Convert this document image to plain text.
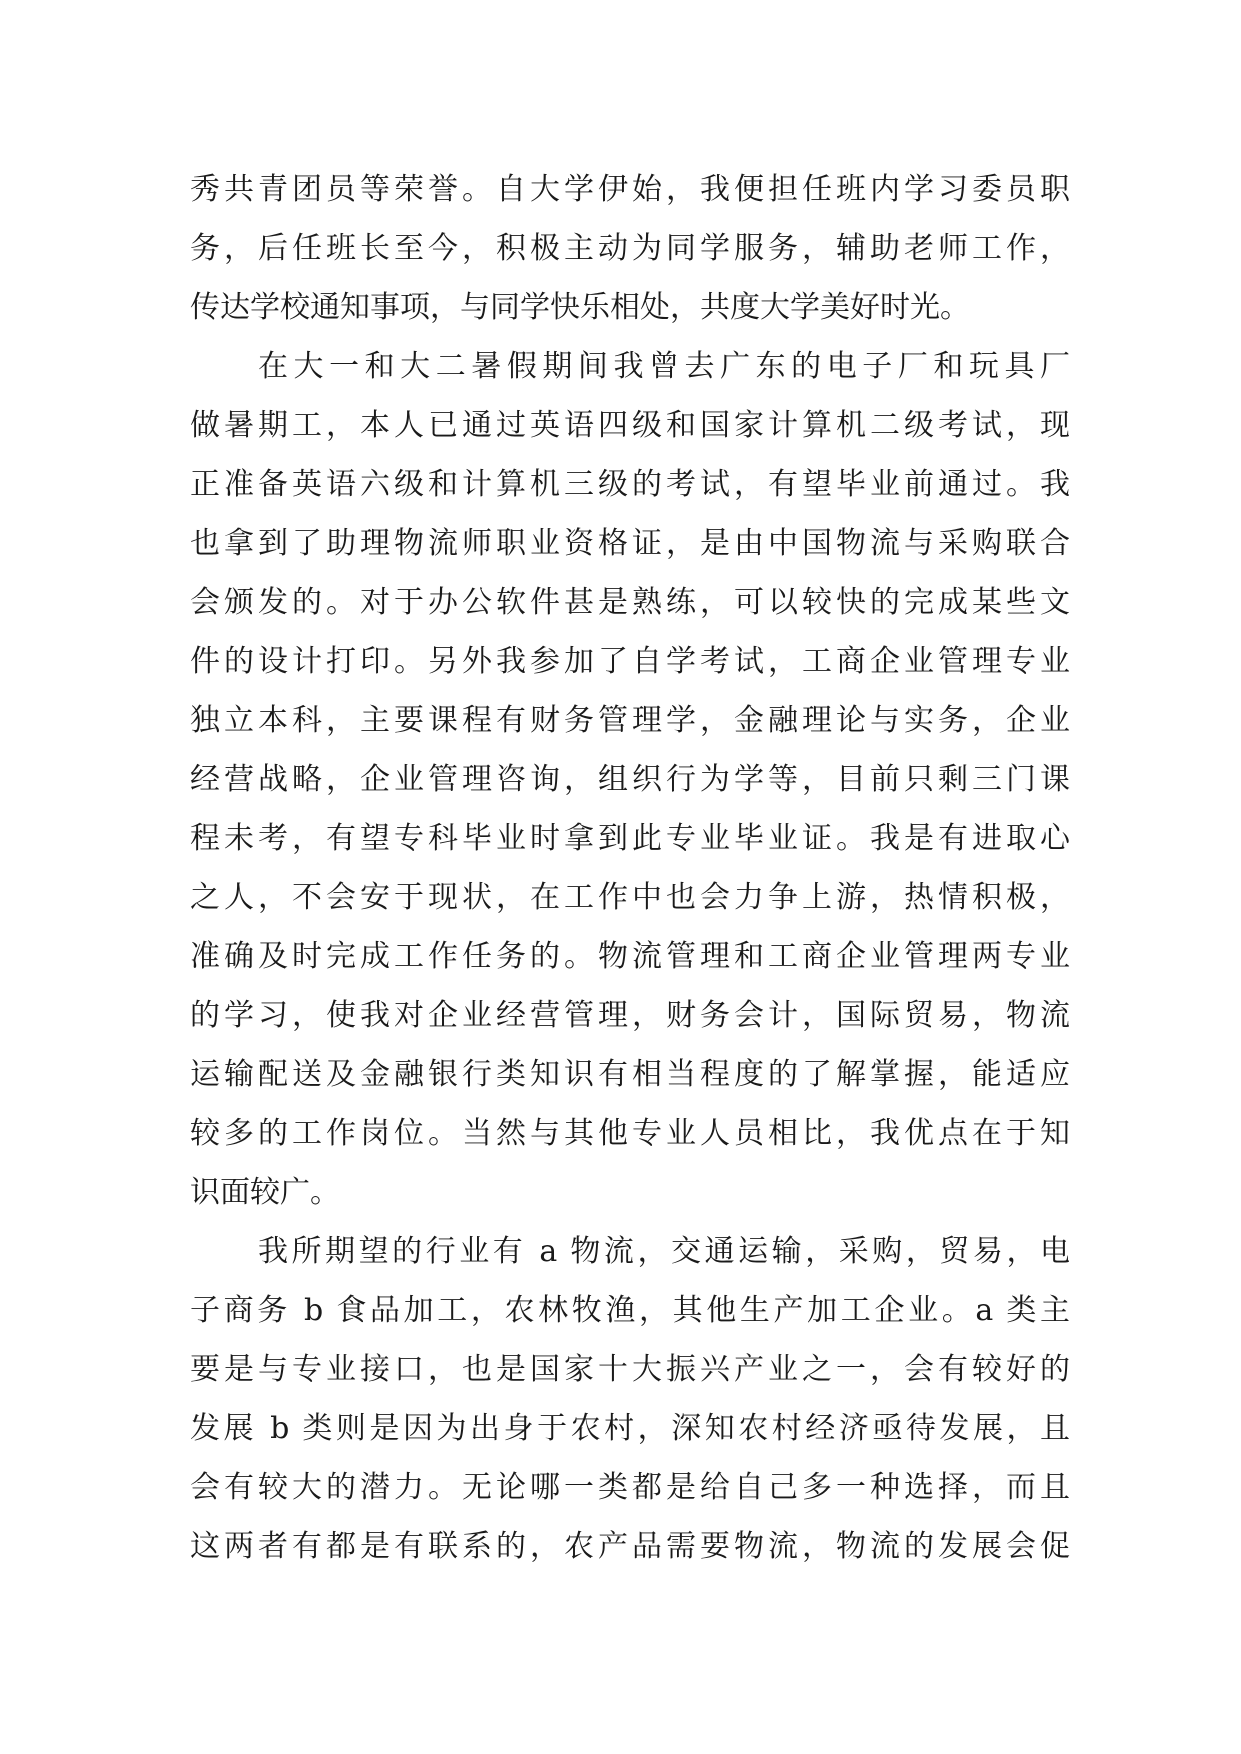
秀共青团员等荣誉。自大学伊始，我便担任班内学习委员职
务，后任班长至今，积极主动为同学服务，辅助老师工作，
传达学校通知事项，与同学快乐相处，共度大学美好时光。
在大一和大二暑假期间我曾去广东的电子厂和玩具厂
做暑期工，本人已通过英语四级和国家计算机二级考试，现
正准备英语六级和计算机三级的考试，有望毕业前通过。我
也拿到了助理物流师职业资格证，是由中国物流与采购联合
会颁发的。对于办公软件甚是熟练，可以较快的完成某些文
件的设计打印。另外我参加了自学考试，工商企业管理专业
独立本科，主要课程有财务管理学，金融理论与实务，企业
经营战略，企业管理咨询，组织行为学等，目前只剩三门课
程未考，有望专科毕业时拿到此专业毕业证。我是有进取心
之人，不会安于现状，在工作中也会力争上游，热情积极，
准确及时完成工作任务的。物流管理和工商企业管理两专业
的学习，使我对企业经营管理，财务会计，国际贸易，物流
运输配送及金融银行类知识有相当程度的了解掌握，能适应
较多的工作岗位。当然与其他专业人员相比，我优点在于知
识面较广。
我所期望的行业有 a 物流，交通运输，采购，贸易，电
子商务 b 食品加工，农林牧渔，其他生产加工企业。a 类主
要是与专业接口，也是国家十大振兴产业之一，会有较好的
发展 b 类则是因为出身于农村，深知农村经济亟待发展，且
会有较大的潜力。无论哪一类都是给自己多一种选择，而且
这两者有都是有联系的，农产品需要物流，物流的发展会促
